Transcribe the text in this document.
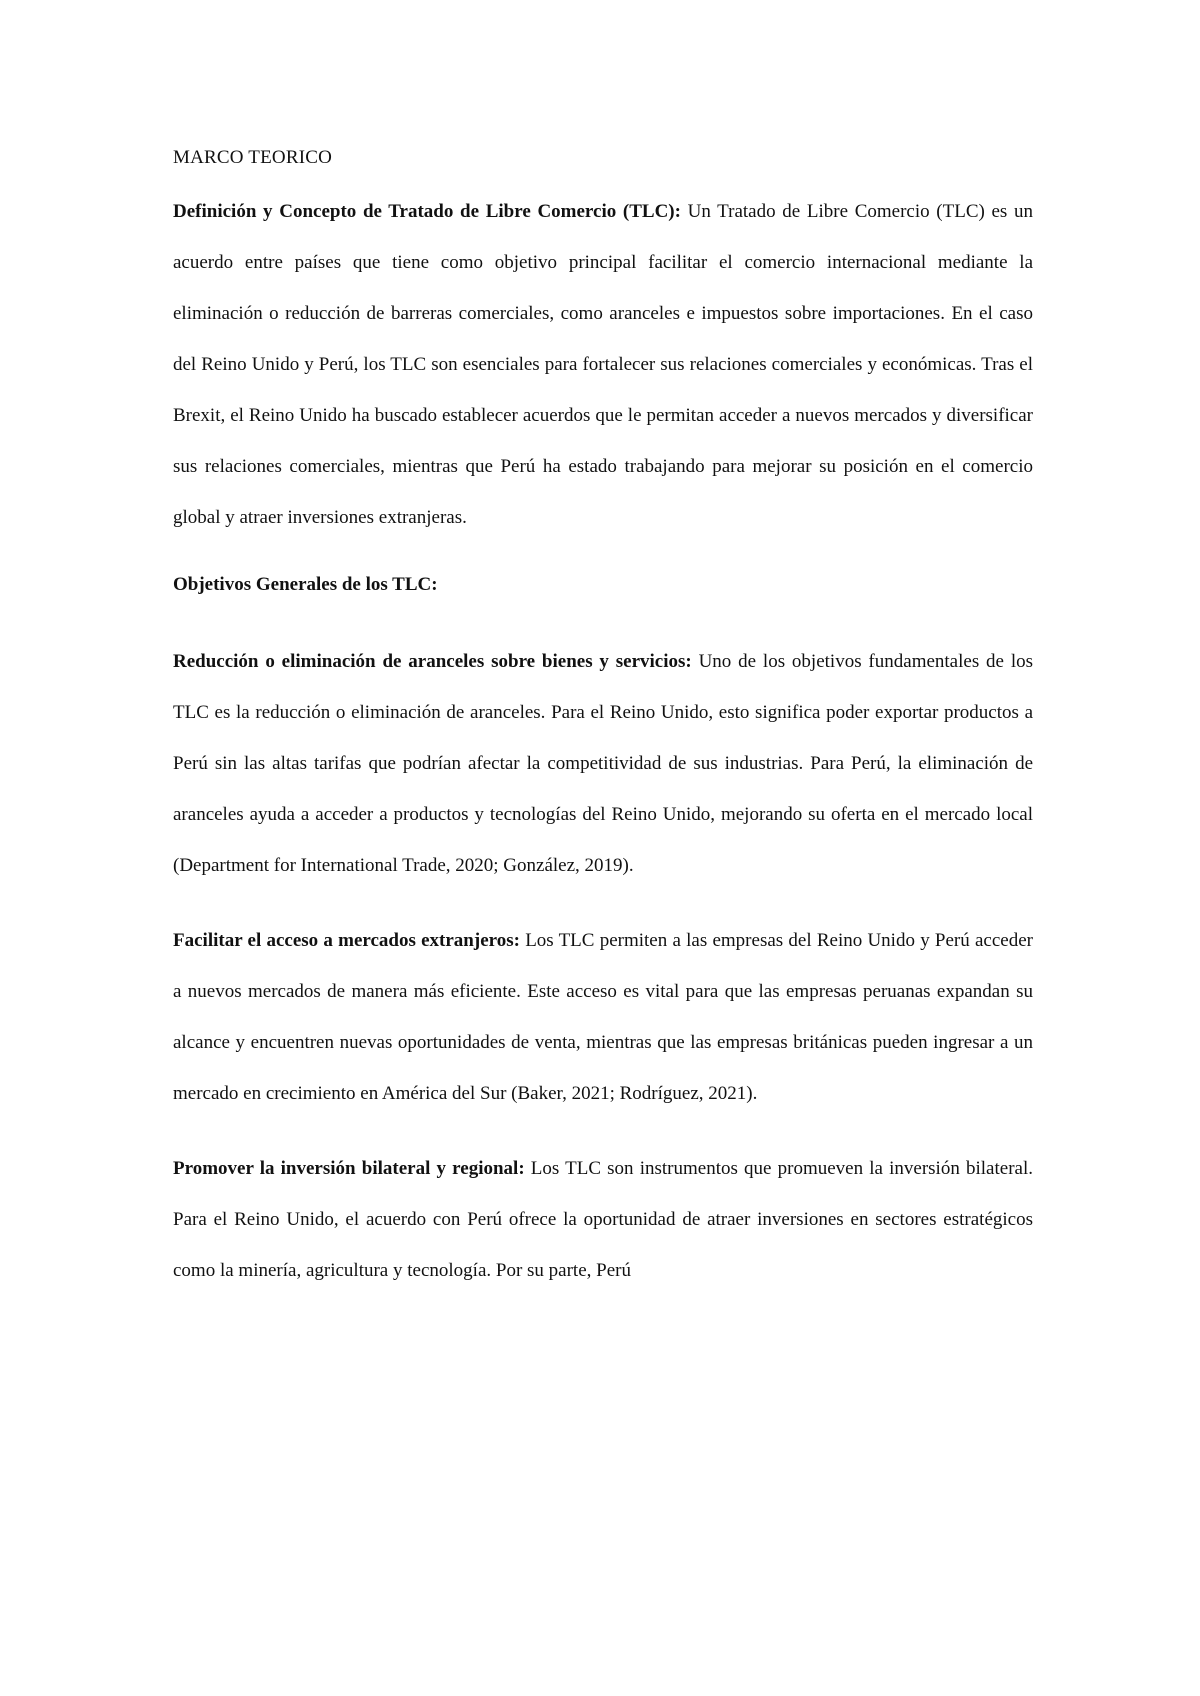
MARCO TEORICO

Definición y Concepto de Tratado de Libre Comercio (TLC): Un Tratado de Libre Comercio (TLC) es un acuerdo entre países que tiene como objetivo principal facilitar el comercio internacional mediante la eliminación o reducción de barreras comerciales, como aranceles e impuestos sobre importaciones. En el caso del Reino Unido y Perú, los TLC son esenciales para fortalecer sus relaciones comerciales y económicas. Tras el Brexit, el Reino Unido ha buscado establecer acuerdos que le permitan acceder a nuevos mercados y diversificar sus relaciones comerciales, mientras que Perú ha estado trabajando para mejorar su posición en el comercio global y atraer inversiones extranjeras.

Objetivos Generales de los TLC:

Reducción o eliminación de aranceles sobre bienes y servicios: Uno de los objetivos fundamentales de los TLC es la reducción o eliminación de aranceles. Para el Reino Unido, esto significa poder exportar productos a Perú sin las altas tarifas que podrían afectar la competitividad de sus industrias. Para Perú, la eliminación de aranceles ayuda a acceder a productos y tecnologías del Reino Unido, mejorando su oferta en el mercado local (Department for International Trade, 2020; González, 2019).

Facilitar el acceso a mercados extranjeros: Los TLC permiten a las empresas del Reino Unido y Perú acceder a nuevos mercados de manera más eficiente. Este acceso es vital para que las empresas peruanas expandan su alcance y encuentren nuevas oportunidades de venta, mientras que las empresas británicas pueden ingresar a un mercado en crecimiento en América del Sur (Baker, 2021; Rodríguez, 2021).

Promover la inversión bilateral y regional: Los TLC son instrumentos que promueven la inversión bilateral. Para el Reino Unido, el acuerdo con Perú ofrece la oportunidad de atraer inversiones en sectores estratégicos como la minería, agricultura y tecnología. Por su parte, Perú
